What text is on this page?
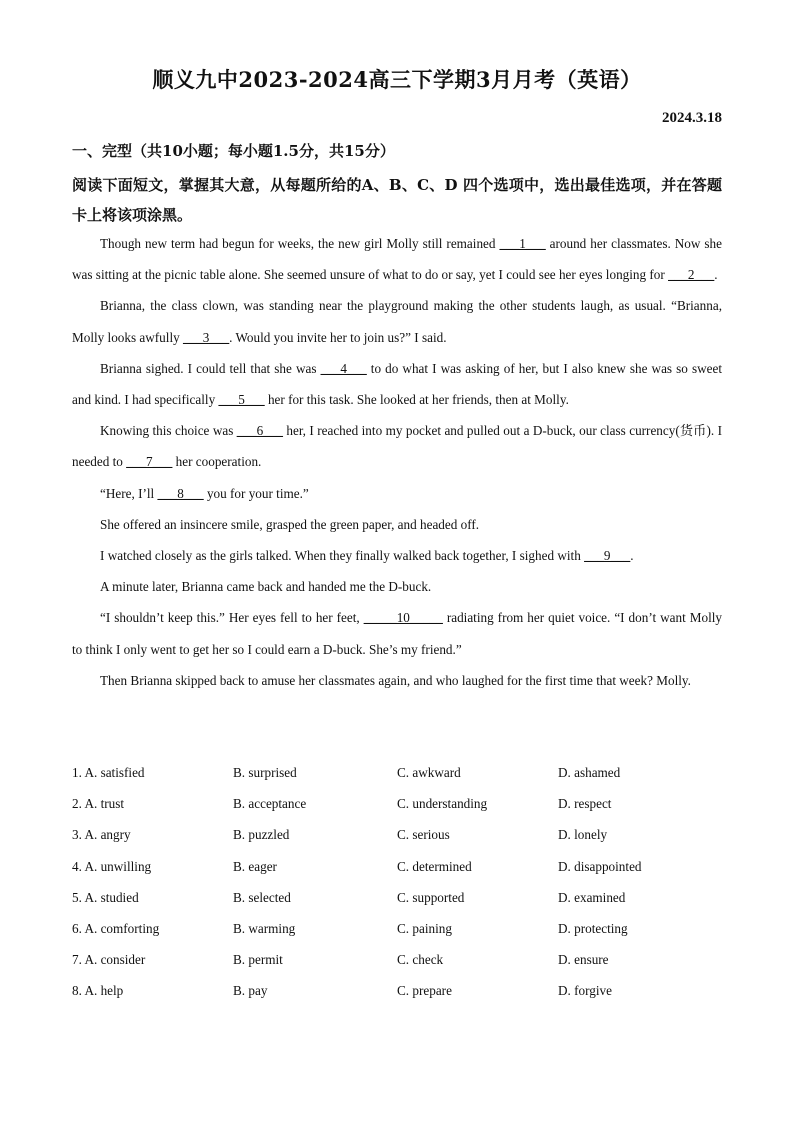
顺义九中2023-2024高三下学期3月月考（英语）
2024.3.18
一、完型（共10小题；每小题1.5分，共15分）
阅读下面短文，掌握其大意，从每题所给的A、B、C、D 四个选项中，选出最佳选项，并在答题卡上将该项涂黑。

Though new term had begun for weeks, the new girl Molly still remained ___1___ around her classmates. Now she was sitting at the picnic table alone. She seemed unsure of what to do or say, yet I could see her eyes longing for ___2___.

Brianna, the class clown, was standing near the playground making the other students laugh, as usual. “Brianna, Molly looks awfully ___3___. Would you invite her to join us?” I said.

Brianna sighed. I could tell that she was ___4___ to do what I was asking of her, but I also knew she was so sweet and kind. I had specifically ___5___ her for this task. She looked at her friends, then at Molly.

Knowing this choice was ___6___ her, I reached into my pocket and pulled out a D-buck, our class currency(货币). I needed to ___7___ her cooperation.

“Here, I’ll ___8___ you for your time.”

She offered an insincere smile, grasped the green paper, and headed off.

I watched closely as the girls talked. When they finally walked back together, I sighed with ___9___.

A minute later, Brianna came back and handed me the D-buck.

“I shouldn’t keep this.” Her eyes fell to her feet, _____10_____ radiating from her quiet voice. “I don’t want Molly to think I only went to get her so I could earn a D-buck. She’s my friend.”

Then Brianna skipped back to amuse her classmates again, and who laughed for the first time that week? Molly.

1. A. satisfied	B. surprised	C. awkward	D. ashamed
2. A. trust	B. acceptance	C. understanding	D. respect
3. A. angry	B. puzzled	C. serious	D. lonely
4. A. unwilling	B. eager	C. determined	D. disappointed
5. A. studied	B. selected	C. supported	D. examined
6. A. comforting	B. warming	C. paining	D. protecting
7. A. consider	B. permit	C. check	D. ensure
8. A. help	B. pay	C. prepare	D. forgive
